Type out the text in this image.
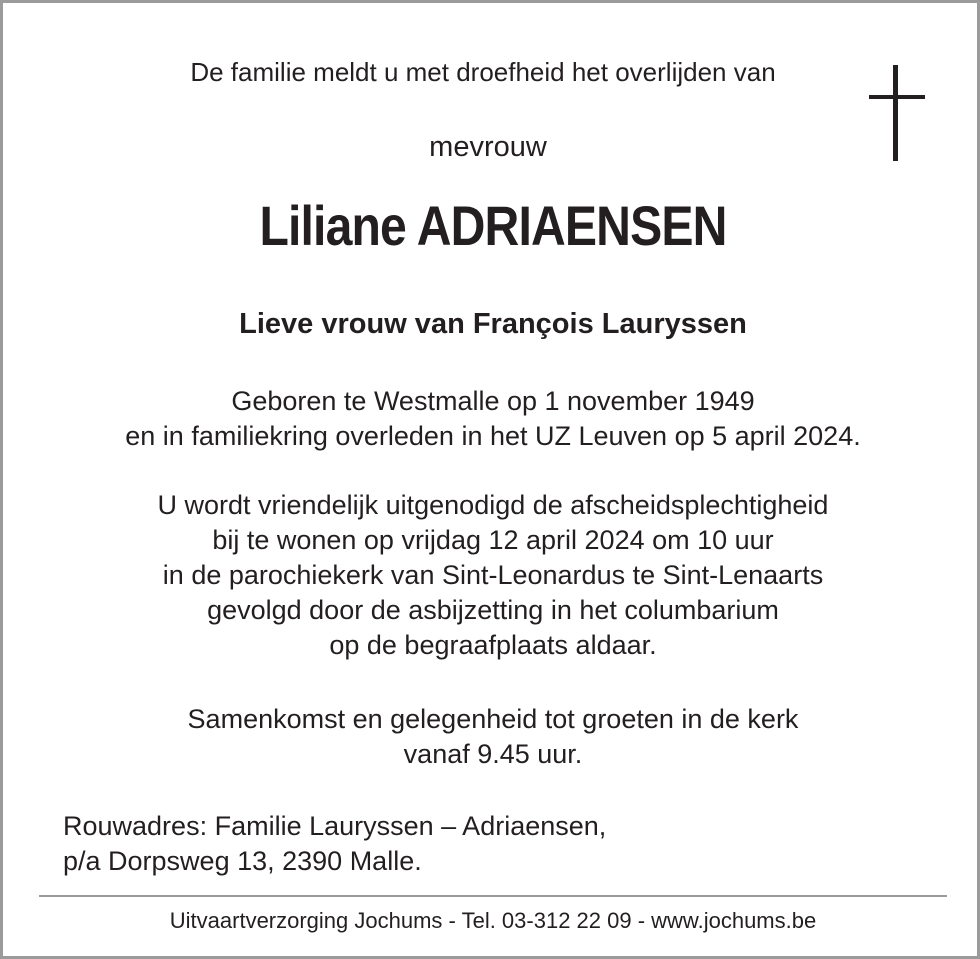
De familie meldt u met droefheid het overlijden van
mevrouw
Liliane ADRIAENSEN
Lieve vrouw van François Lauryssen
Geboren te Westmalle op 1 november 1949
en in familiekring overleden in het UZ Leuven op 5 april 2024.
U wordt vriendelijk uitgenodigd de afscheidsplechtigheid
bij te wonen op vrijdag 12 april 2024 om 10 uur
in de parochiekerk van Sint-Leonardus te Sint-Lenaarts
gevolgd door de asbijzetting in het columbarium
op de begraafplaats aldaar.
Samenkomst en gelegenheid tot groeten in de kerk
vanaf 9.45 uur.
Rouwadres: Familie Lauryssen – Adriaensen,
p/a Dorpsweg 13, 2390 Malle.
Uitvaartverzorging Jochums - Tel. 03-312 22 09 - www.jochums.be
